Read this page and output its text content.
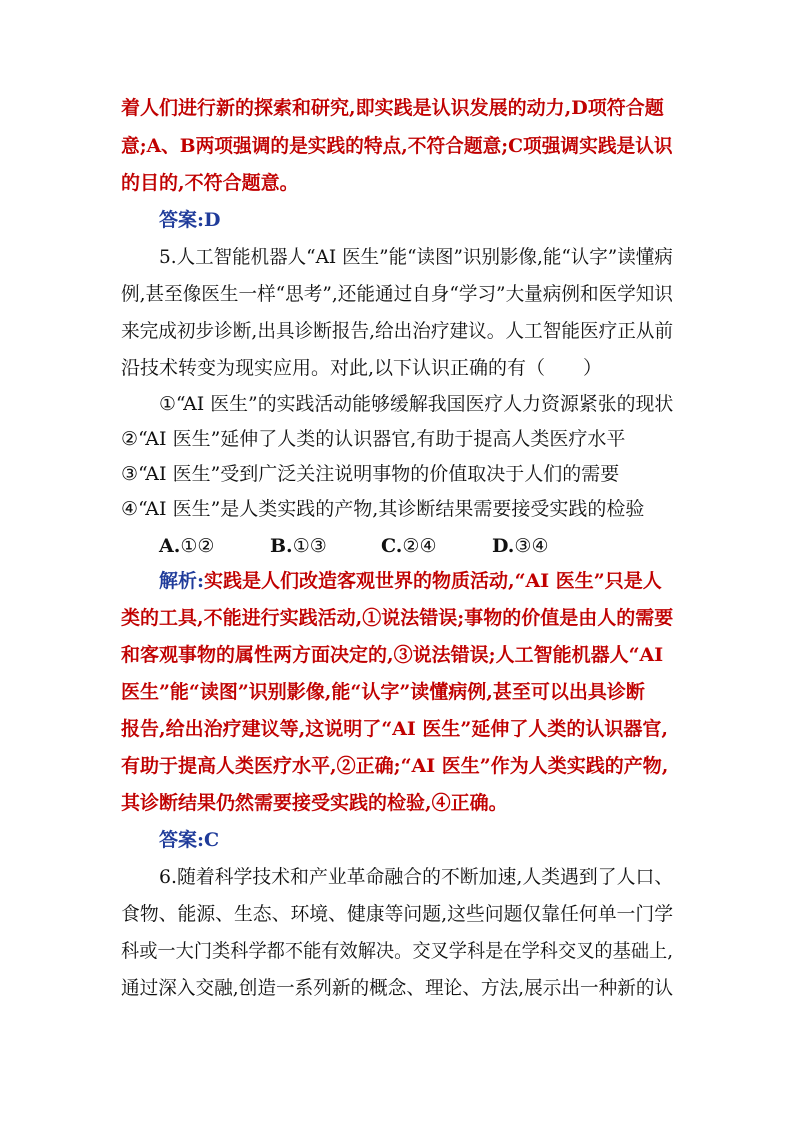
着人们进行新的探索和研究,即实践是认识发展的动力,D项符合题
意;A、B两项强调的是实践的特点,不符合题意;C项强调实践是认识
的目的,不符合题意。
答案:D
5.人工智能机器人“AI 医生”能“读图”识别影像,能“认字”读懂病
例,甚至像医生一样“思考”,还能通过自身“学习”大量病例和医学知识
来完成初步诊断,出具诊断报告,给出治疗建议。人工智能医疗正从前
沿技术转变为现实应用。对此,以下认识正确的有（　　）
①“AI 医生”的实践活动能够缓解我国医疗人力资源紧张的现状
②“AI 医生”延伸了人类的认识器官,有助于提高人类医疗水平
③“AI 医生”受到广泛关注说明事物的价值取决于人们的需要
④“AI 医生”是人类实践的产物,其诊断结果需要接受实践的检验
A.①②	B.①③	C.②④	D.③④
解析:实践是人们改造客观世界的物质活动,“AI 医生”只是人
类的工具,不能进行实践活动,①说法错误;事物的价值是由人的需要
和客观事物的属性两方面决定的,③说法错误;人工智能机器人“AI
医生”能“读图”识别影像,能“认字”读懂病例,甚至可以出具诊断
报告,给出治疗建议等,这说明了“AI 医生”延伸了人类的认识器官,
有助于提高人类医疗水平,②正确;“AI 医生”作为人类实践的产物,
其诊断结果仍然需要接受实践的检验,④正确。
答案:C
6.随着科学技术和产业革命融合的不断加速,人类遇到了人口、
食物、能源、生态、环境、健康等问题,这些问题仅靠任何单一门学
科或一大门类科学都不能有效解决。交叉学科是在学科交叉的基础上,
通过深入交融,创造一系列新的概念、理论、方法,展示出一种新的认
